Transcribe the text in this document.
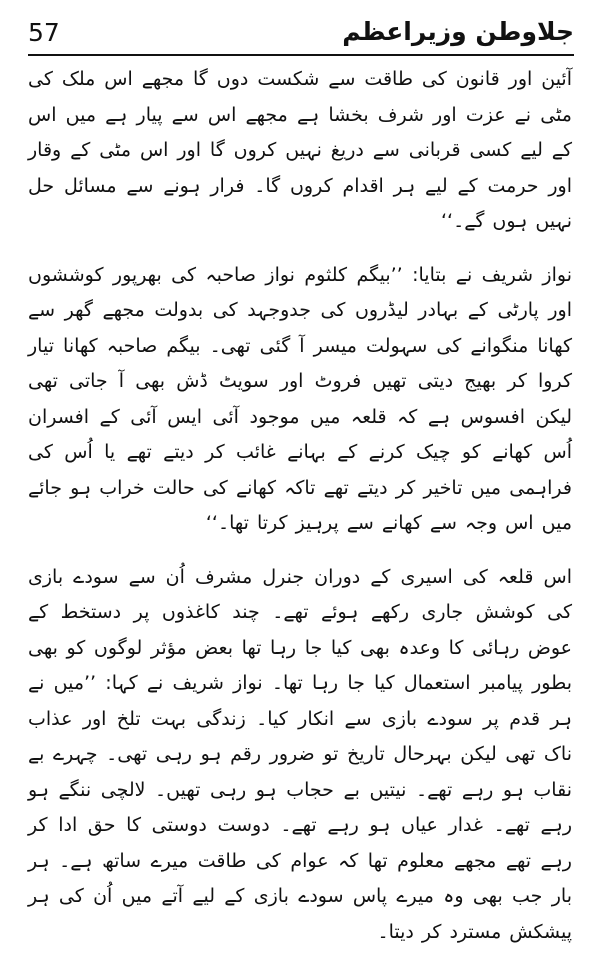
57	جلاوطن وزیراعظم

آئین اور قانون کی طاقت سے شکست دوں گا مجھے اس ملک کی مٹی نے عزت اور شرف بخشا ہے مجھے اس سے پیار ہے میں اس کے لیے کسی قربانی سے دریغ نہیں کروں گا اور اس مٹی کے وقار اور حرمت کے لیے ہر اقدام کروں گا۔ فرار ہونے سے مسائل حل نہیں ہوں گے۔‘‘

نواز شریف نے بتایا: ’’بیگم کلثوم نواز صاحبہ کی بھرپور کوششوں اور پارٹی کے بہادر لیڈروں کی جدوجہد کی بدولت مجھے گھر سے کھانا منگوانے کی سہولت میسر آ گئی تھی۔ بیگم صاحبہ کھانا تیار کروا کر بھیج دیتی تھیں فروٹ اور سویٹ ڈش بھی آ جاتی تھی لیکن افسوس ہے کہ قلعہ میں موجود آئی ایس آئی کے افسران اُس کھانے کو چیک کرنے کے بہانے غائب کر دیتے تھے یا اُس کی فراہمی میں تاخیر کر دیتے تھے تاکہ کھانے کی حالت خراب ہو جائے میں اس وجہ سے کھانے سے پرہیز کرتا تھا۔‘‘

اس قلعہ کی اسیری کے دوران جنرل مشرف اُن سے سودے بازی کی کوشش جاری رکھے ہوئے تھے۔ چند کاغذوں پر دستخط کے عوض رہائی کا وعدہ بھی کیا جا رہا تھا بعض مؤثر لوگوں کو بھی بطور پیامبر استعمال کیا جا رہا تھا۔ نواز شریف نے کہا: ’’میں نے ہر قدم پر سودے بازی سے انکار کیا۔ زندگی بہت تلخ اور عذاب ناک تھی لیکن بہرحال تاریخ تو ضرور رقم ہو رہی تھی۔ چہرے بے نقاب ہو رہے تھے۔ نیتیں بے حجاب ہو رہی تھیں۔ لالچی ننگے ہو رہے تھے۔ غدار عیاں ہو رہے تھے۔ دوست دوستی کا حق ادا کر رہے تھے مجھے معلوم تھا کہ عوام کی طاقت میرے ساتھ ہے۔ ہر بار جب بھی وہ میرے پاس سودے بازی کے لیے آتے میں اُن کی ہر پیشکش مسترد کر دیتا۔
